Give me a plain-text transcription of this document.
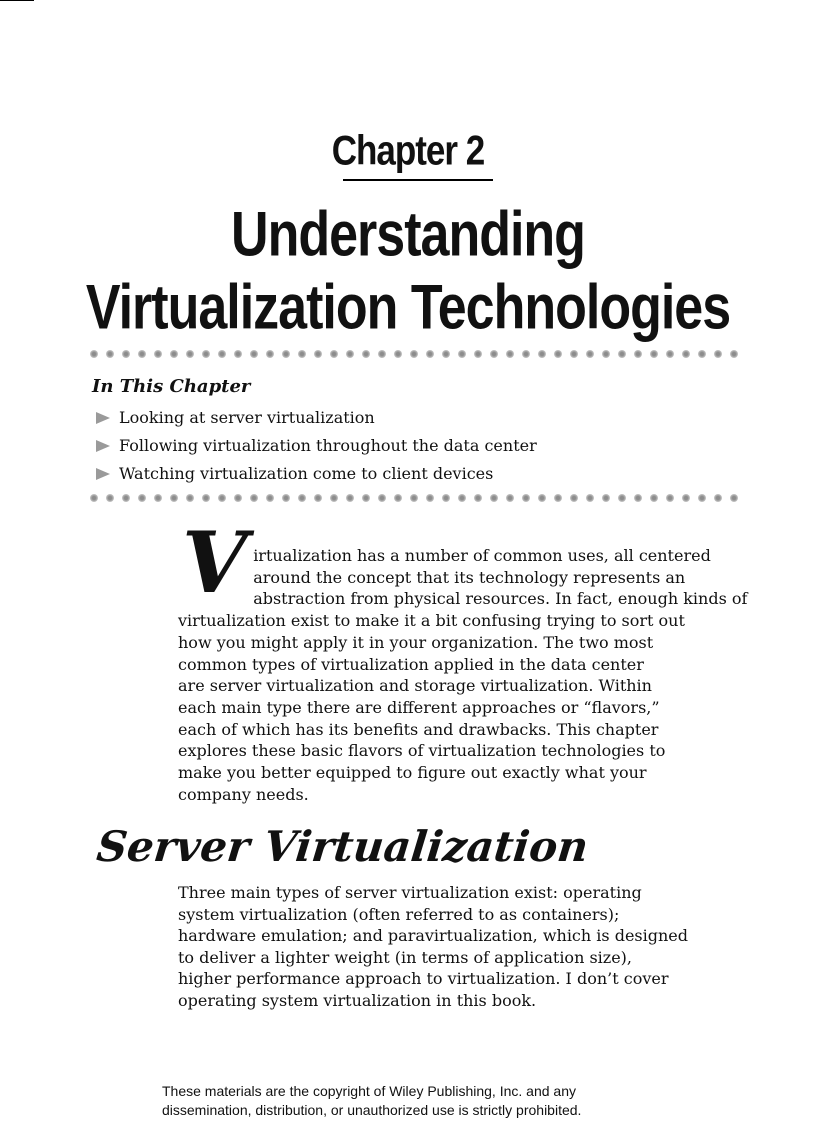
Chapter 2
Understanding
Virtualization Technologies
In This Chapter
Looking at server virtualization
Following virtualization throughout the data center
Watching virtualization come to client devices
V irtualization has a number of common uses, all centered
around the concept that its technology represents an
abstraction from physical resources. In fact, enough kinds of
virtualization exist to make it a bit confusing trying to sort out
how you might apply it in your organization. The two most
common types of virtualization applied in the data center
are server virtualization and storage virtualization. Within
each main type there are different approaches or “flavors,”
each of which has its benefits and drawbacks. This chapter
explores these basic flavors of virtualization technologies to
make you better equipped to figure out exactly what your
company needs.

Server Virtualization

Three main types of server virtualization exist: operating
system virtualization (often referred to as containers);
hardware emulation; and paravirtualization, which is designed
to deliver a lighter weight (in terms of application size),
higher performance approach to virtualization. I don’t cover
operating system virtualization in this book.

These materials are the copyright of Wiley Publishing, Inc. and any
dissemination, distribution, or unauthorized use is strictly prohibited.
